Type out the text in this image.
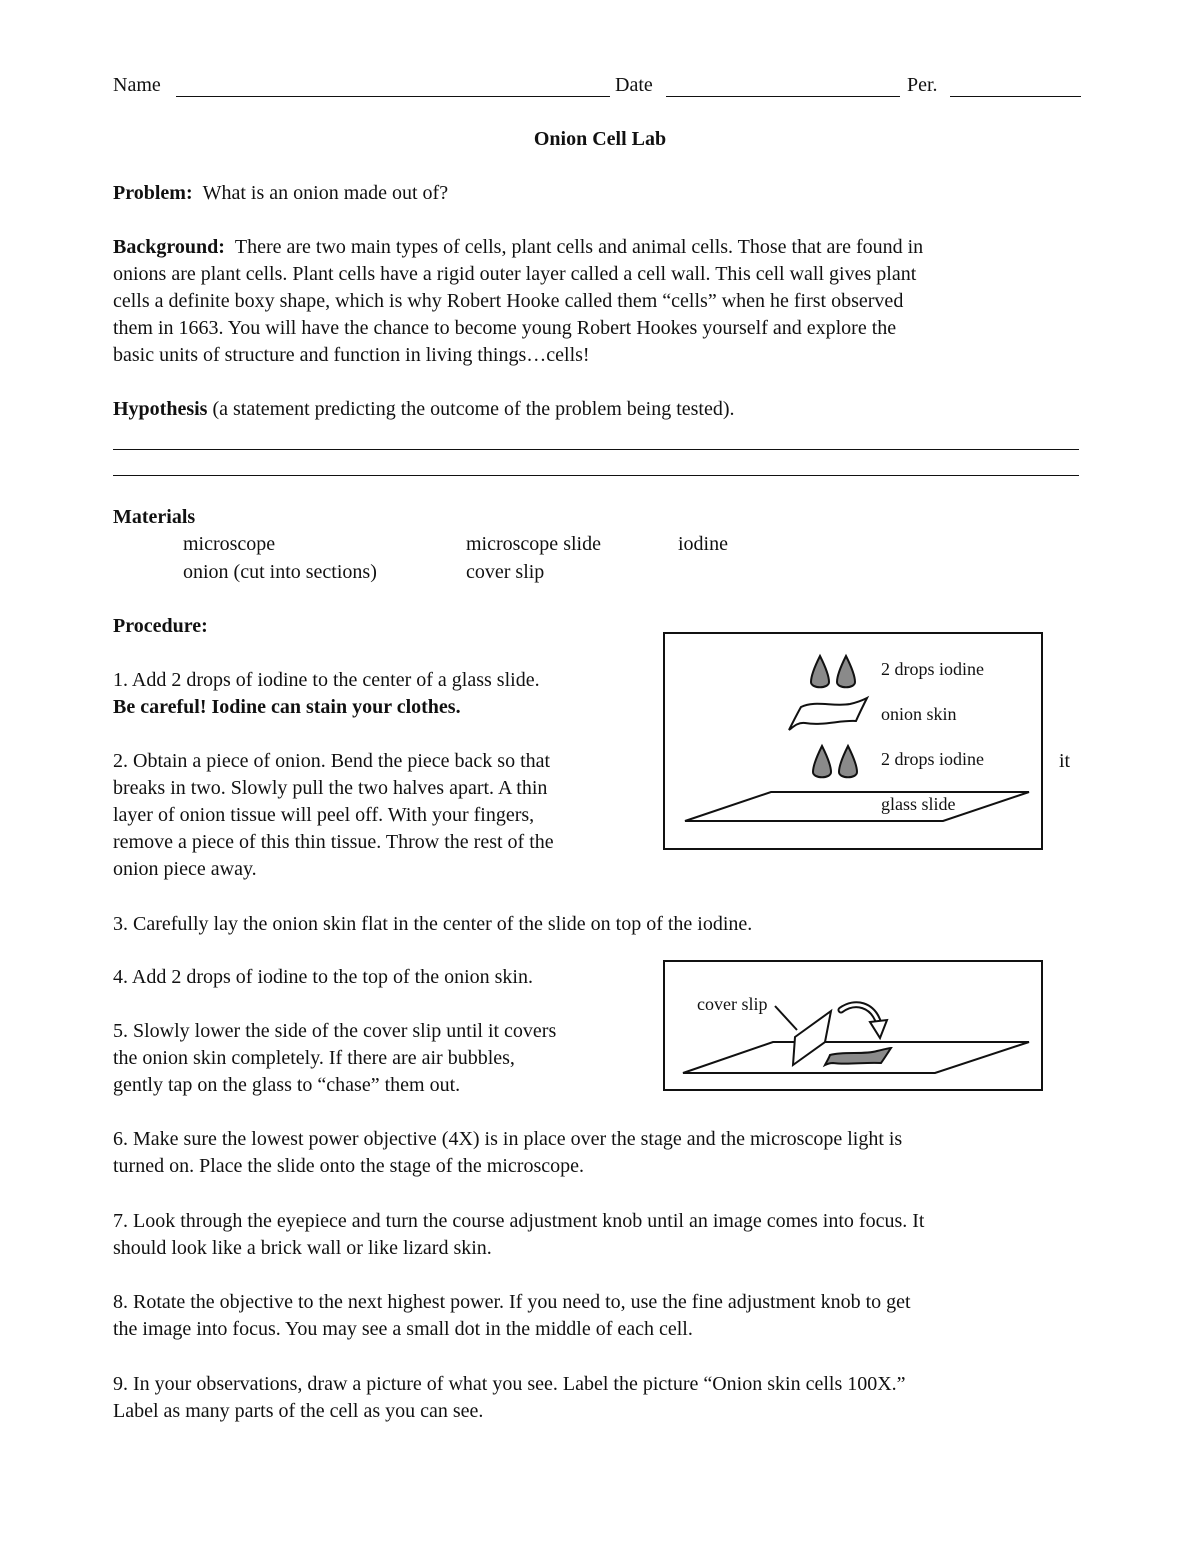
Name	Date	Per.
Onion Cell Lab
Problem: What is an onion made out of?

Background: There are two main types of cells, plant cells and animal cells. Those that are found in

onions are plant cells. Plant cells have a rigid outer layer called a cell wall. This cell wall gives plant

cells a definite boxy shape, which is why Robert Hooke called them “cells” when he first observed

them in 1663. You will have the chance to become young Robert Hookes yourself and explore the

basic units of structure and function in living things…cells!

Hypothesis (a statement predicting the outcome of the problem being tested).
Materials
microscope	microscope slide	iodine
onion (cut into sections)	cover slip
Procedure:
1. Add 2 drops of iodine to the center of a glass slide.
Be careful! Iodine can stain your clothes.

2. Obtain a piece of onion. Bend the piece back so that

breaks in two. Slowly pull the two halves apart. A thin

layer of onion tissue will peel off. With your fingers,

remove a piece of this thin tissue. Throw the rest of the

onion piece away.

it
2 drops iodine
onion skin
2 drops iodine
glass slide
3. Carefully lay the onion skin flat in the center of the slide on top of the iodine.
4. Add 2 drops of iodine to the top of the onion skin.

5. Slowly lower the side of the cover slip until it covers

the onion skin completely. If there are air bubbles,

gently tap on the glass to “chase” them out.

cover slip

6. Make sure the lowest power objective (4X) is in place over the stage and the microscope light is

turned on. Place the slide onto the stage of the microscope.

7. Look through the eyepiece and turn the course adjustment knob until an image comes into focus. It

should look like a brick wall or like lizard skin.

8. Rotate the objective to the next highest power. If you need to, use the fine adjustment knob to get

the image into focus. You may see a small dot in the middle of each cell.

9. In your observations, draw a picture of what you see. Label the picture “Onion skin cells 100X.”

Label as many parts of the cell as you can see.
